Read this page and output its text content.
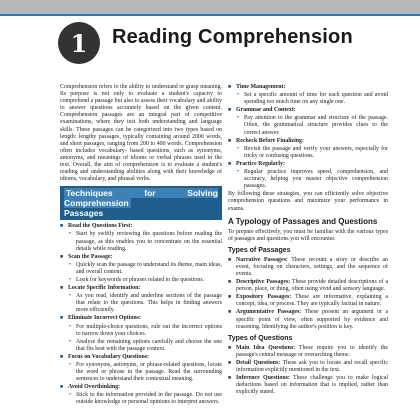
1	Reading Comprehension

Comprehension refers to the ability to understand or grasp meaning. Its purpose is not only to evaluate a student's capacity to comprehend a passage but also to assess their vocabulary and ability to answer questions accurately based on the given content. Comprehension passages are an integral part of competitive examinations, where they test both understanding and language skills. These passages can be categorized into two types based on length: lengthy passages, typically containing around 2000 words, and short passages, ranging from 200 to 400 words. Comprehension often includes vocabulary- based questions, such as synonyms, antonyms, and meanings of idioms or verbal phrases used in the text. Overall, the aim of comprehension is to evaluate a student's reading and understanding abilities along with their knowledge of idioms, vocabulary, and phrasal verbs.

Techniques for Solving Comprehension
Passages
■ Read the Questions First:
• Start by swiftly reviewing the questions before reading the passage, as this enables you to concentrate on the essential details while reading.
■ Scan the Passage:
• Quickly scan the passage to understand its theme, main ideas, and overall content.
• Look for keywords or phrases related to the questions.
■ Locate Specific Information:
• As you read, identify and underline sections of the passage that relate to the questions. This helps in finding answers more efficiently.
■ Eliminate Incorrect Options:
• For multiple-choice questions, rule out the incorrect options to narrow down your choices.
• Analyse the remaining options carefully and choose the one that fits best with the passage context.
■ Focus on Vocabulary Questions:
• For synonyms, antonyms, or phrase-related questions, locate the word or phrase in the passage. Read the surrounding sentences to understand their contextual meaning.
■ Avoid Overthinking:
• Stick to the information provided in the passage. Do not use outside knowledge or personal opinions to interpret answers.
■ Time Management:
• Set a specific amount of time for each question and avoid spending too much time on any single one.
■ Grammar and Context:
• Pay attention to the grammar and structure of the passage. Often, the grammatical structure provides clues to the correct answer.
■ Recheck Before Finalizing:
• Revisit the passage and verify your answers, especially for tricky or confusing questions.
■ Practice Regularly:
• Regular practice improves speed, comprehension, and accuracy, helping you master objective comprehension passages.

By following these strategies, you can efficiently solve objective comprehension questions and maximize your performance in exams.

A Typology of Passages and Questions

To prepare effectively, you must be familiar with the various types of passages and questions you will encounter.

Types of Passages
■ Narrative Passages: These recount a story or describe an event, focusing on characters, settings, and the sequence of events.
■ Descriptive Passages: These provide detailed descriptions of a person, place, or thing, often using vivid and sensory language.
■ Expository Passages: These are informative, explaining a concept, idea, or process. They are typically factual in nature.
■ Argumentative Passages: These present an argument or a specific point of view, often supported by evidence and reasoning. Identifying the author's position is key.
Types of Questions
■ Main Idea Questions: These require you to identify the passage's central message or overarching theme.
■ Detail Questions: These ask you to locate and recall specific information explicitly mentioned in the text.
■ Inference Questions: These challenge you to make logical deductions based on information that is implied, rather than explicitly stated.
